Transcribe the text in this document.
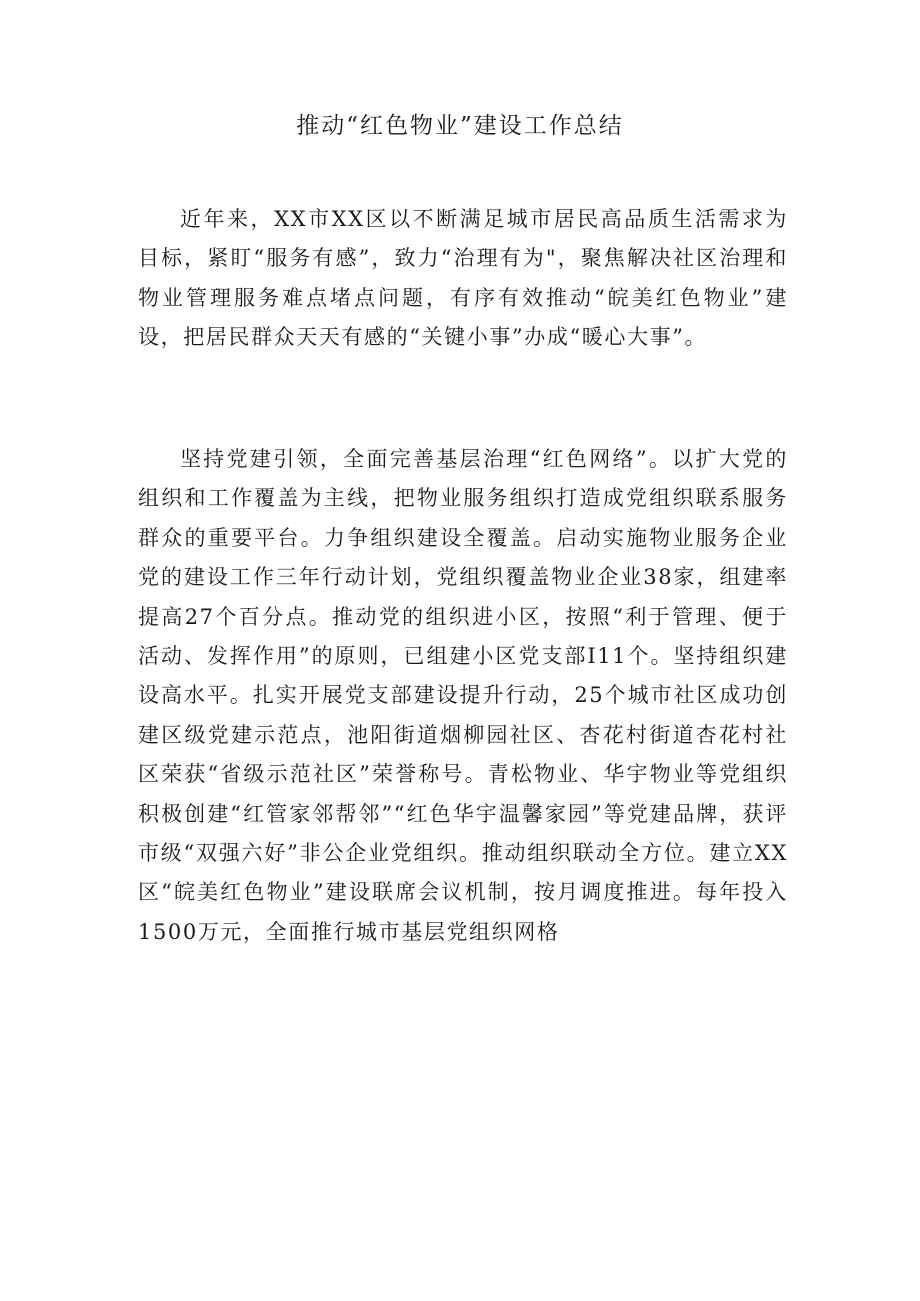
推动“红色物业”建设工作总结

近年来，XX市XX区以不断满足城市居民高品质生活需求为目标，紧盯“服务有感”，致力“治理有为"，聚焦解决社区治理和物业管理服务难点堵点问题，有序有效推动“皖美红色物业”建设，把居民群众天天有感的“关键小事”办成“暖心大事”。

坚持党建引领，全面完善基层治理“红色网络”。以扩大党的组织和工作覆盖为主线，把物业服务组织打造成党组织联系服务群众的重要平台。力争组织建设全覆盖。启动实施物业服务企业党的建设工作三年行动计划，党组织覆盖物业企业38家，组建率提高27个百分点。推动党的组织进小区，按照“利于管理、便于活动、发挥作用”的原则，已组建小区党支部I11个。坚持组织建设高水平。扎实开展党支部建设提升行动，25个城市社区成功创建区级党建示范点，池阳街道烟柳园社区、杏花村街道杏花村社区荣获“省级示范社区”荣誉称号。青松物业、华宇物业等党组织积极创建“红管家邻帮邻”“红色华宇温馨家园”等党建品牌，获评市级“双强六好”非公企业党组织。推动组织联动全方位。建立XX区“皖美红色物业”建设联席会议机制，按月调度推进。每年投入1500万元，全面推行城市基层党组织网格
